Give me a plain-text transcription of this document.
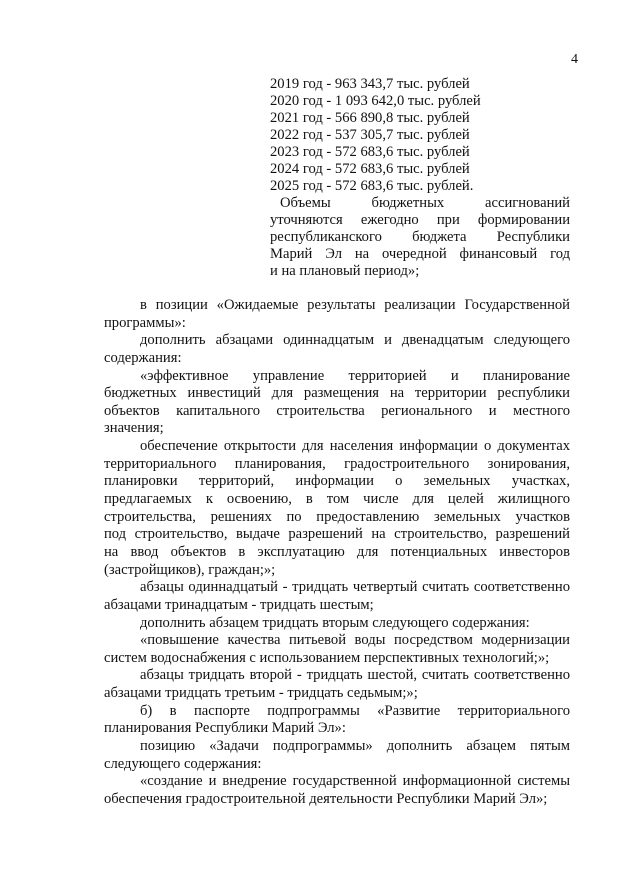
4
2019 год - 963 343,7 тыс. рублей
2020 год - 1 093 642,0 тыс. рублей
2021 год - 566 890,8 тыс. рублей
2022 год - 537 305,7 тыс. рублей
2023 год - 572 683,6 тыс. рублей
2024 год - 572 683,6 тыс. рублей
2025 год - 572 683,6 тыс. рублей.
Объемы бюджетных ассигнований
уточняются ежегодно при формировании
республиканского бюджета Республики
Марий Эл на очередной финансовый год
и на плановый период»;
в позиции «Ожидаемые результаты реализации Государственной
программы»:
дополнить абзацами одиннадцатым и двенадцатым следующего
содержания:
«эффективное управление территорией и планирование
бюджетных инвестиций для размещения на территории республики
объектов капитального строительства регионального и местного
значения;
обеспечение открытости для населения информации о документах
территориального планирования, градостроительного зонирования,
планировки территорий, информации о земельных участках,
предлагаемых к освоению, в том числе для целей жилищного
строительства, решениях по предоставлению земельных участков
под строительство, выдаче разрешений на строительство, разрешений
на ввод объектов в эксплуатацию для потенциальных инвесторов
(застройщиков), граждан;»;
абзацы одиннадцатый - тридцать четвертый считать соответственно
абзацами тринадцатым - тридцать шестым;
дополнить абзацем тридцать вторым следующего содержания:
«повышение качества питьевой воды посредством модернизации
систем водоснабжения с использованием перспективных технологий;»;
абзацы тридцать второй - тридцать шестой, считать соответственно
абзацами тридцать третьим - тридцать седьмым;»;
б) в паспорте подпрограммы «Развитие территориального
планирования Республики Марий Эл»:
позицию «Задачи подпрограммы» дополнить абзацем пятым
следующего содержания:
«создание и внедрение государственной информационной системы
обеспечения градостроительной деятельности Республики Марий Эл»;
